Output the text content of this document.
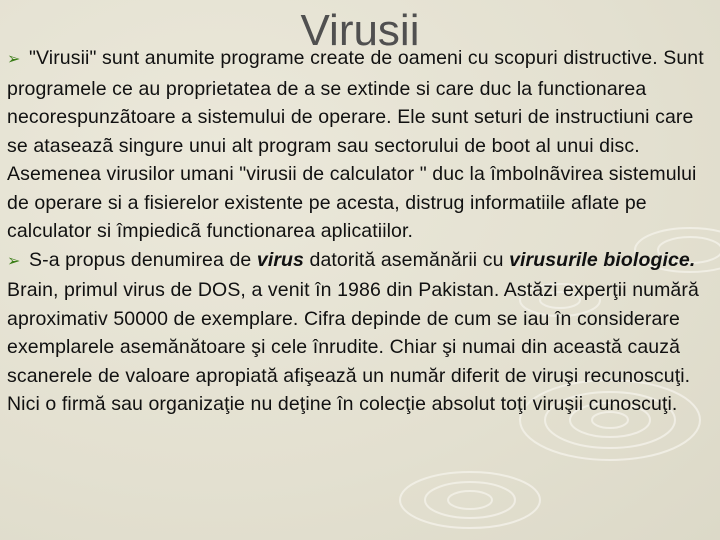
Virusii

➢ "Virusii" sunt anumite programe create de oameni cu scopuri distructive. Sunt programele ce au proprietatea de a se extinde si care duc la functionarea necorespunzãtoare a sistemului de operare. Ele sunt seturi de instructiuni care se ataseazã singure unui alt program sau sectorului de boot al unui disc. Asemenea virusilor umani "virusii de calculator " duc la îmbolnãvirea sistemului de operare si a fisierelor existente pe acesta, distrug informatiile aflate pe calculator si împiedicã functionarea aplicatiilor.

➢ S-a propus denumirea de virus datorită asemănării cu virusurile biologice. Brain, primul virus de DOS, a venit în 1986 din Pakistan. Astăzi experţii numără aproximativ 50000 de exemplare. Cifra depinde de cum se iau în considerare exemplarele asemănătoare şi cele înrudite. Chiar şi numai din această cauză scanerele de valoare apropiată afişează un număr diferit de viruşi recunoscuţi. Nici o firmă sau organizaţie nu deţine în colecţie absolut toţi viruşii cunoscuţi.
